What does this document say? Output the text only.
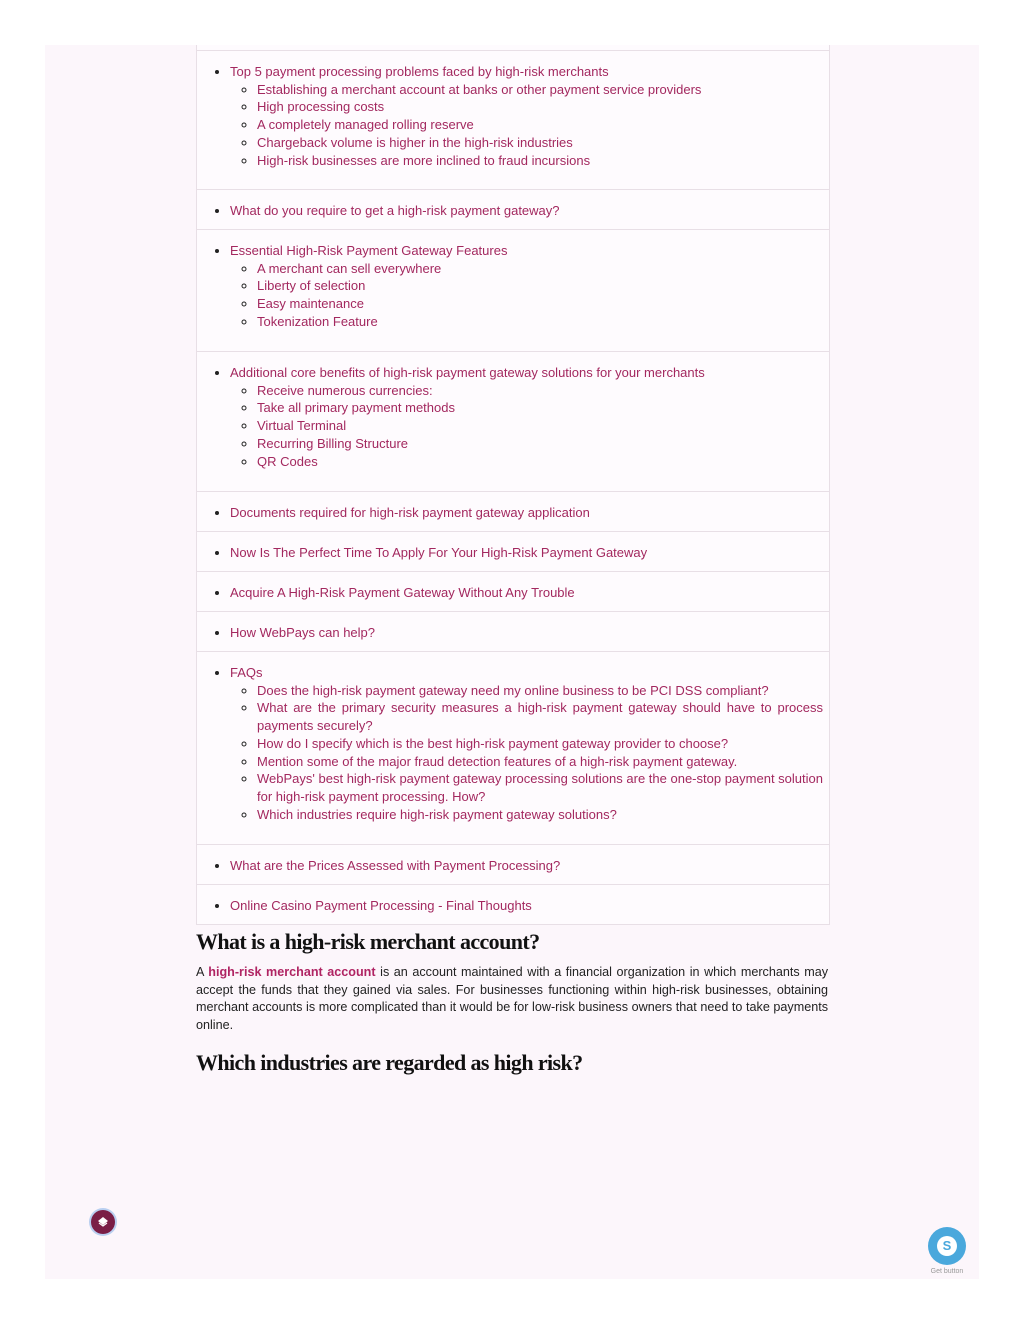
• Top 5 payment processing problems faced by high-risk merchants
◦ Establishing a merchant account at banks or other payment service providers
◦ High processing costs
◦ A completely managed rolling reserve
◦ Chargeback volume is higher in the high-risk industries
◦ High-risk businesses are more inclined to fraud incursions
• What do you require to get a high-risk payment gateway?
• Essential High-Risk Payment Gateway Features
◦ A merchant can sell everywhere
◦ Liberty of selection
◦ Easy maintenance
◦ Tokenization Feature
• Additional core benefits of high-risk payment gateway solutions for your merchants
◦ Receive numerous currencies:
◦ Take all primary payment methods
◦ Virtual Terminal
◦ Recurring Billing Structure
◦ QR Codes
• Documents required for high-risk payment gateway application
• Now Is The Perfect Time To Apply For Your High-Risk Payment Gateway
• Acquire A High-Risk Payment Gateway Without Any Trouble
• How WebPays can help?
• FAQs
◦ Does the high-risk payment gateway need my online business to be PCI DSS compliant?
◦ What are the primary security measures a high-risk payment gateway should have to process payments securely?
◦ How do I specify which is the best high-risk payment gateway provider to choose?
◦ Mention some of the major fraud detection features of a high-risk payment gateway.
◦ WebPays' best high-risk payment gateway processing solutions are the one-stop payment solution for high-risk payment processing. How?
◦ Which industries require high-risk payment gateway solutions?
• What are the Prices Assessed with Payment Processing?
• Online Casino Payment Processing - Final Thoughts
What is a high-risk merchant account?

A high-risk merchant account is an account maintained with a financial organization in which merchants may accept the funds that they gained via sales. For businesses functioning within high-risk businesses, obtaining merchant accounts is more complicated than it would be for low-risk business owners that need to take payments online.

Which industries are regarded as high risk?
S
Get button
